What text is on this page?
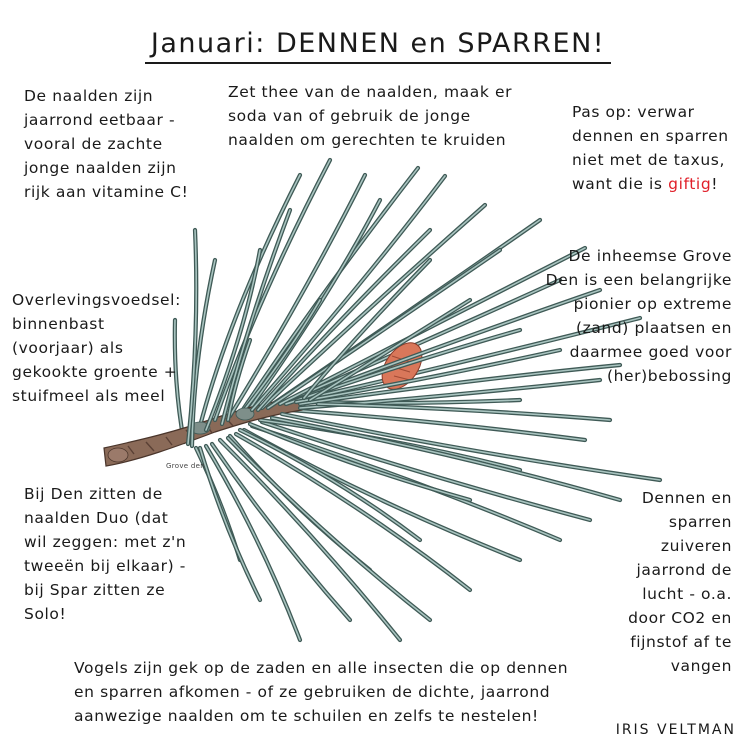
Januari: DENNEN en SPARREN!
De naalden zijn
jaarrond eetbaar -
vooral de zachte
jonge naalden zijn
rijk aan vitamine C!
Zet thee van de naalden, maak er
soda van of gebruik de jonge
naalden om gerechten te kruiden
Pas op: verwar
dennen en sparren
niet met de taxus,
want die is giftig!
Overlevingsvoedsel:
binnenbast
(voorjaar) als
gekookte groente +
stuifmeel als meel
De inheemse Grove
Den is een belangrijke
pionier op extreme
(zand) plaatsen en
daarmee goed voor
(her)bebossing
Bij Den zitten de
naalden Duo (dat
wil zeggen: met z'n
tweeën bij elkaar) -
bij Spar zitten ze
Solo!
Dennen en
sparren
zuiveren
jaarrond de
lucht - o.a.
door CO2 en
fijnstof af te
vangen
Vogels zijn gek op de zaden en alle insecten die op dennen
en sparren afkomen - of ze gebruiken de dichte, jaarrond
aanwezige naalden om te schuilen en zelfs te nestelen!
Grove den
IRIS VELTMAN
